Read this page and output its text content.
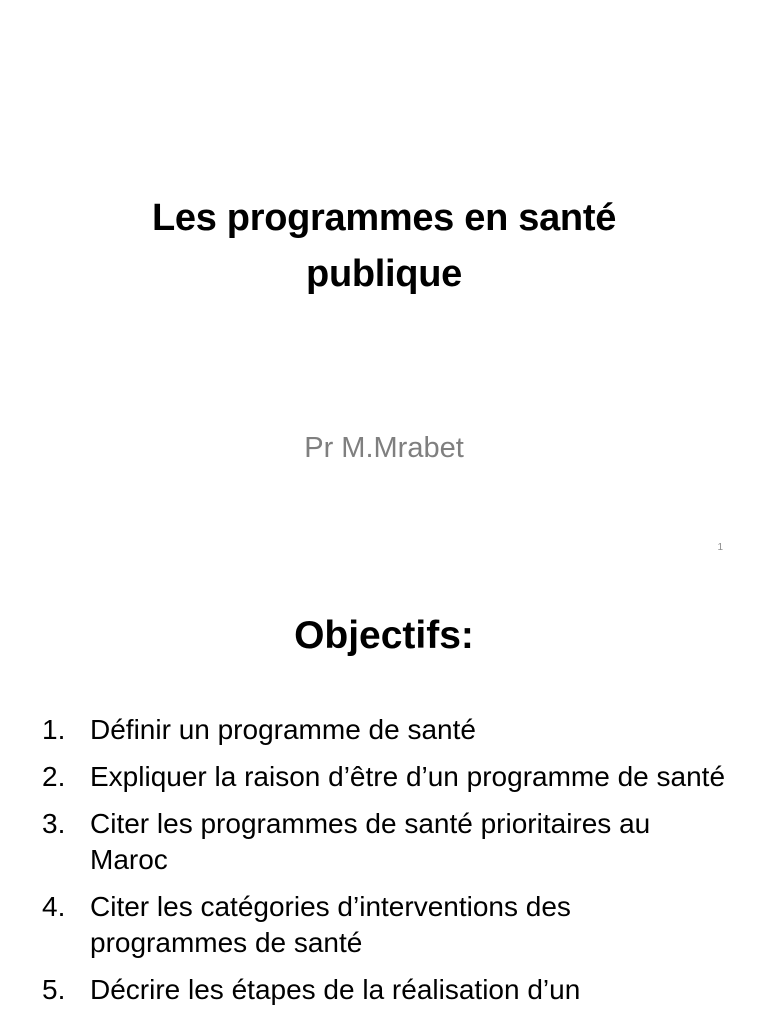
Les programmes en santé
publique
Pr M.Mrabet
1
Objectifs:
1. Définir un programme de santé
2. Expliquer la raison d’être d’un programme de santé
3. Citer les programmes de santé prioritaires au Maroc
4. Citer les catégories d’interventions des programmes de santé
5. Décrire les étapes de la réalisation d’un
